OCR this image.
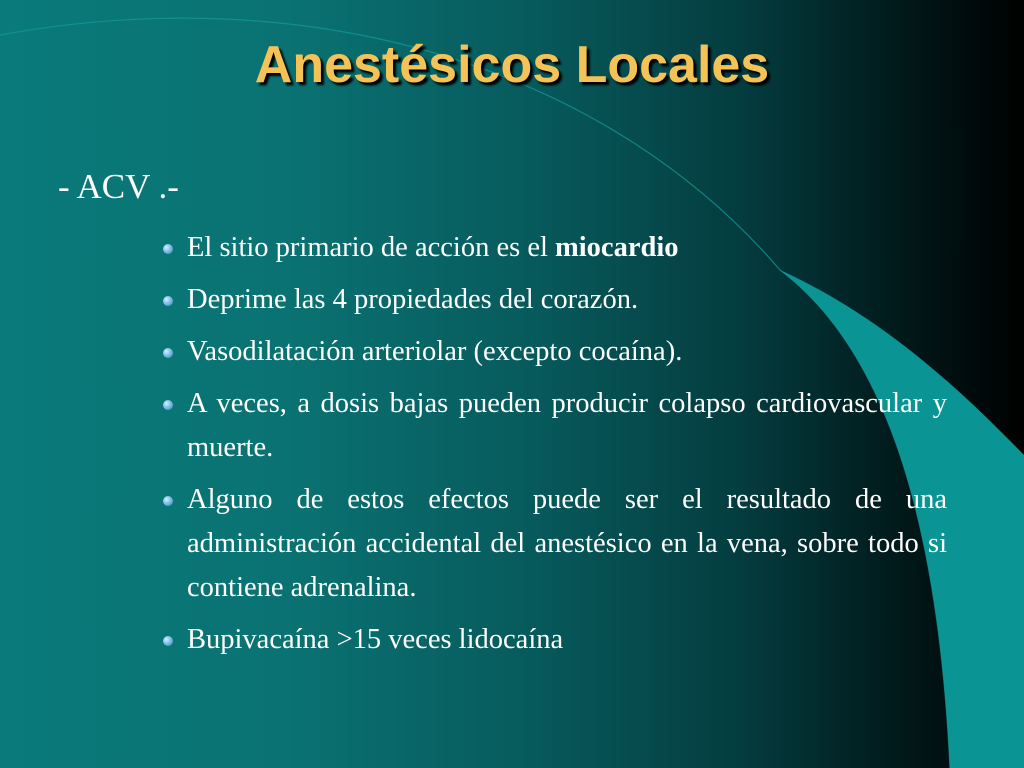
Anestésicos Locales
- ACV .-
El sitio primario de acción es el miocardio
Deprime las 4 propiedades del corazón.
Vasodilatación arteriolar (excepto cocaína).
A veces, a dosis bajas pueden producir colapso cardiovascular y muerte.
Alguno de estos efectos puede ser el resultado de una administración accidental del anestésico en la vena, sobre todo si contiene adrenalina.
Bupivacaína >15 veces lidocaína
